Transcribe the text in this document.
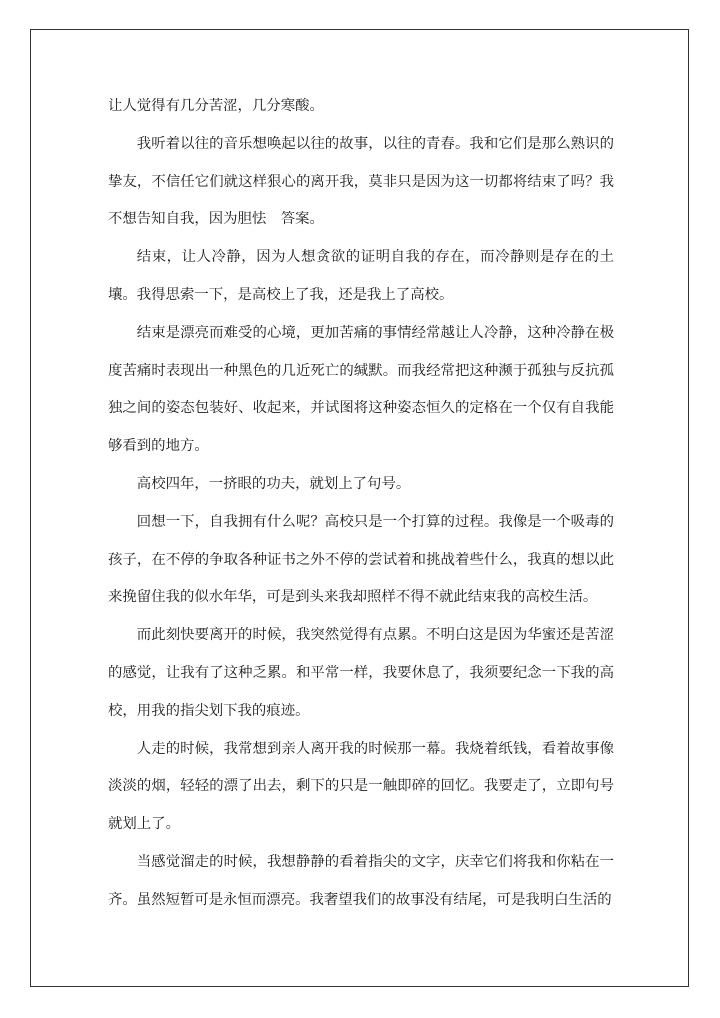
让人觉得有几分苦涩，几分寒酸。

我听着以往的音乐想唤起以往的故事，以往的青春。我和它们是那么熟识的挚友，不信任它们就这样狠心的离开我，莫非只是因为这一切都将结束了吗？我不想告知自我，因为胆怯　答案。

结束，让人冷静，因为人想贪欲的证明自我的存在，而冷静则是存在的土壤。我得思索一下，是高校上了我，还是我上了高校。

结束是漂亮而难受的心境，更加苦痛的事情经常越让人冷静，这种冷静在极度苦痛时表现出一种黑色的几近死亡的缄默。而我经常把这种濒于孤独与反抗孤独之间的姿态包装好、收起来，并试图将这种姿态恒久的定格在一个仅有自我能够看到的地方。

高校四年，一挤眼的功夫，就划上了句号。

回想一下，自我拥有什么呢？高校只是一个打算的过程。我像是一个吸毒的孩子，在不停的争取各种证书之外不停的尝试着和挑战着些什么，我真的想以此来挽留住我的似水年华，可是到头来我却照样不得不就此结束我的高校生活。

而此刻快要离开的时候，我突然觉得有点累。不明白这是因为华蜜还是苦涩的感觉，让我有了这种乏累。和平常一样，我要休息了，我须要纪念一下我的高校，用我的指尖划下我的痕迹。

人走的时候，我常想到亲人离开我的时候那一幕。我烧着纸钱，看着故事像淡淡的烟，轻轻的漂了出去，剩下的只是一触即碎的回忆。我要走了，立即句号就划上了。

当感觉溜走的时候，我想静静的看着指尖的文字，庆幸它们将我和你粘在一齐。虽然短暂可是永恒而漂亮。我奢望我们的故事没有结尾，可是我明白生活的
